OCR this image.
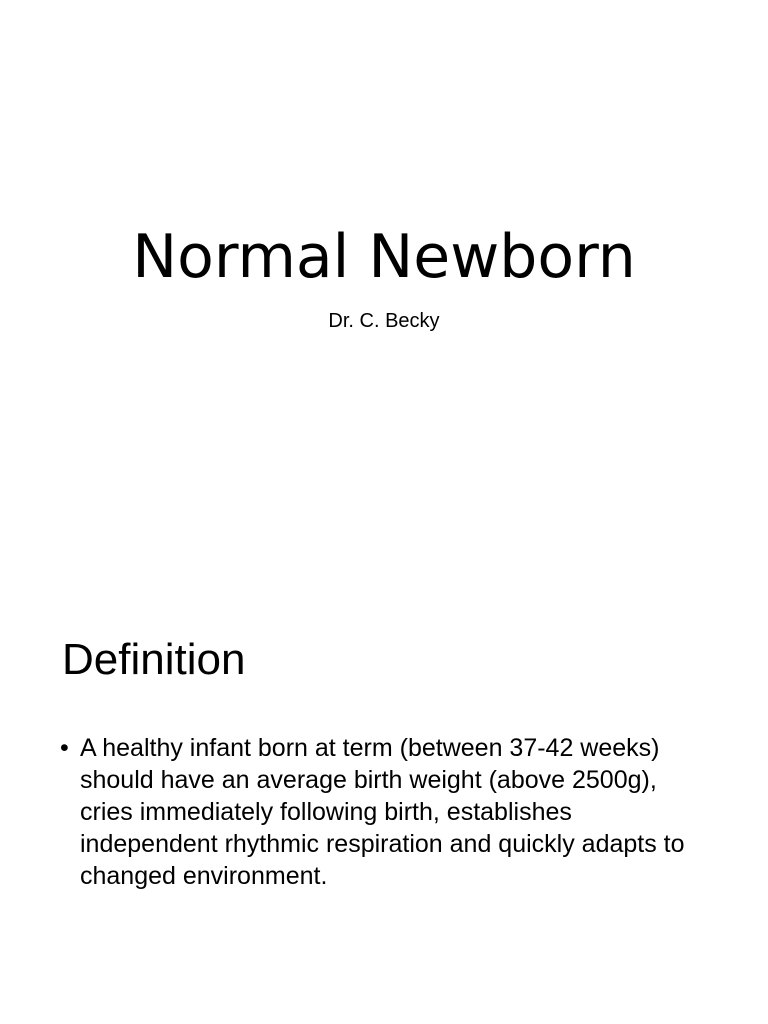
Normal Newborn
Dr. C. Becky
Definition
• A healthy infant born at term (between 37-42 weeks) should have an average birth weight (above 2500g), cries immediately following birth, establishes independent rhythmic respiration and quickly adapts to changed environment.
